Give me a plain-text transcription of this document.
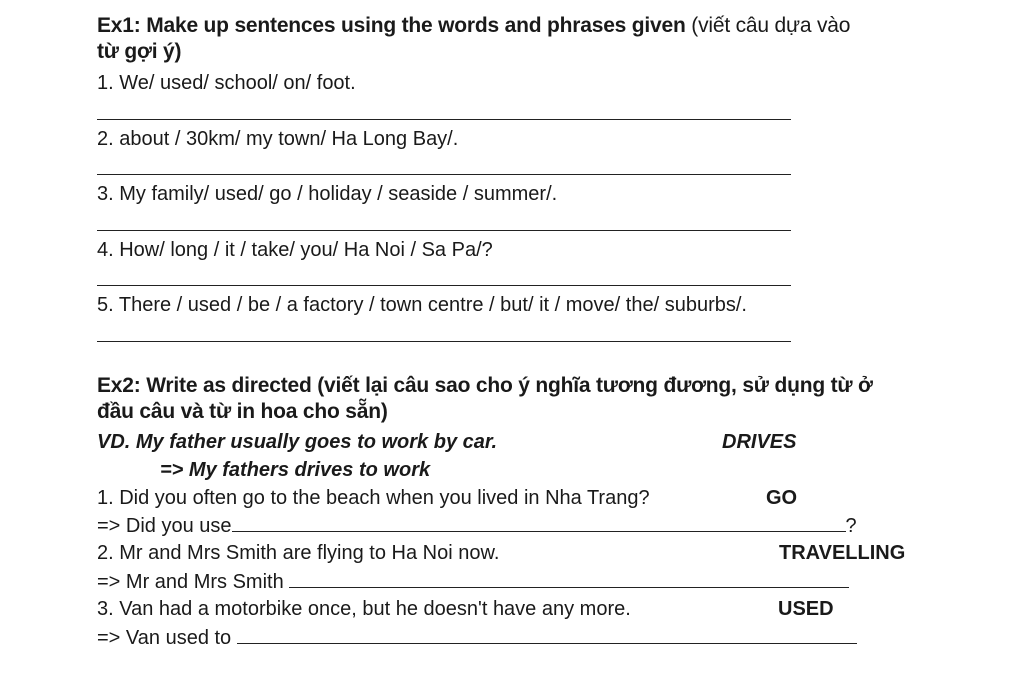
Ex1: Make up sentences using the words and phrases given (viết câu dựa vào
từ gợi ý)
1. We/ used/ school/ on/ foot.
2. about / 30km/ my town/ Ha Long Bay/.
3. My family/ used/ go / holiday / seaside / summer/.
4. How/ long / it / take/ you/ Ha Noi / Sa Pa/?
5. There / used / be / a factory / town centre / but/ it / move/ the/ suburbs/.
Ex2: Write as directed (viết lại câu sao cho ý nghĩa tương đương, sử dụng từ ở
đầu câu và từ in hoa cho sẵn)
VD. My father usually goes to work by car.	DRIVES
=> My fathers drives to work
1. Did you often go to the beach when you lived in Nha Trang?	GO
=> Did you use	?
2. Mr and Mrs Smith are flying to Ha Noi now.	TRAVELLING
=> Mr and Mrs Smith
3. Van had a motorbike once, but he doesn't have any more.	USED
=> Van used to
